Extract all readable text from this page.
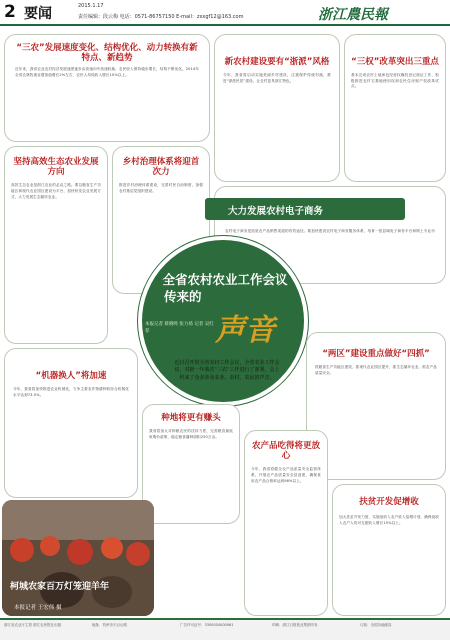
2 要闻	2015.1.17
责任编辑：段云梅 电话：0571-86757150 E-mail：zxxgf12@163.com	浙江農民報
“三农”发展速度变化、结构优化、动力转换有新特点、新趋势
近年来，我省农业农村经济发展速度逐步由高速向中高速转换，农民收入保持稳步增长，结构不断优化。2014年全省农林牧渔业增加值增长2%左右，农民人均纯收入增长10%以上。
新农村建设要有“浙派”风格
今年，我省将启动实施美丽乡村建设，注重保护传统村落，推进“浙派民居”建设，让农村更具浙江特色。
“三权”改革突出三重点
基本完成农村土地承包经营权确权登记颁证工作，积极推进农村宅基地使用权和农民住房财产权改革试点。
坚持高效生态农业发展方向
高效生态农业是浙江农业的必由之路。要以粮食生产功能区和现代农业园区建设为平台，加快转变农业发展方式，大力发展生态循环农业。
乡村治理体系将迎首次力
推进乡村治理体系建设，完善村民自治制度，加强农村基层党组织建设。
农村电子商务是拓宽农产品销售渠道的有效途径。要加快建设农村电子商务服务体系，培育一批县域电子商务平台和网上专业市
大力发展农村电子商务
全省农村农业工作会议
传来的
本报记者 蔡晓鸣 张力扬 记者 吴红荐	声音
近日召开的全省农村工作会议，全省农业工作会议，对新一年我省“三农”工作进行了部署。会上传来了众多涉及农业、农村、农民的声音。
“机器换人”将加速
今年，我省将加快推进农业机械化，力争主要农作物耕种收综合机械化水平达到73.5%。
种地将更有赚头
我省将加大对种粮农民的扶持力度，完善粮食最低收购价政策，稳定粮食播种面积250万亩。
“两区”建设重点做好“四抓”
抓粮食生产功能区建设，抓现代农业园区提升，抓生态循环农业，抓农产品质量安全。
农产品吃得将更放心
今年，我省将健全农产品质量安全监管体系，开展农产品质量安全县创建，确保食用农产品合格率达到98%以上。
扶贫开发促增收
加大扶贫开发力度，实施低收入农户收入倍增计划，确保低收入农户人均可支配收入增长15%以上。
柯城农家百万灯笼迎羊年
本报记者 王宏伟 摄
浙江省农业厅主管 浙江农民报社出版	地址：杭州市天目山路	广告许可证号：3300004000061	印刷：浙江日报报业集团印务	订阅：全国各地邮局
